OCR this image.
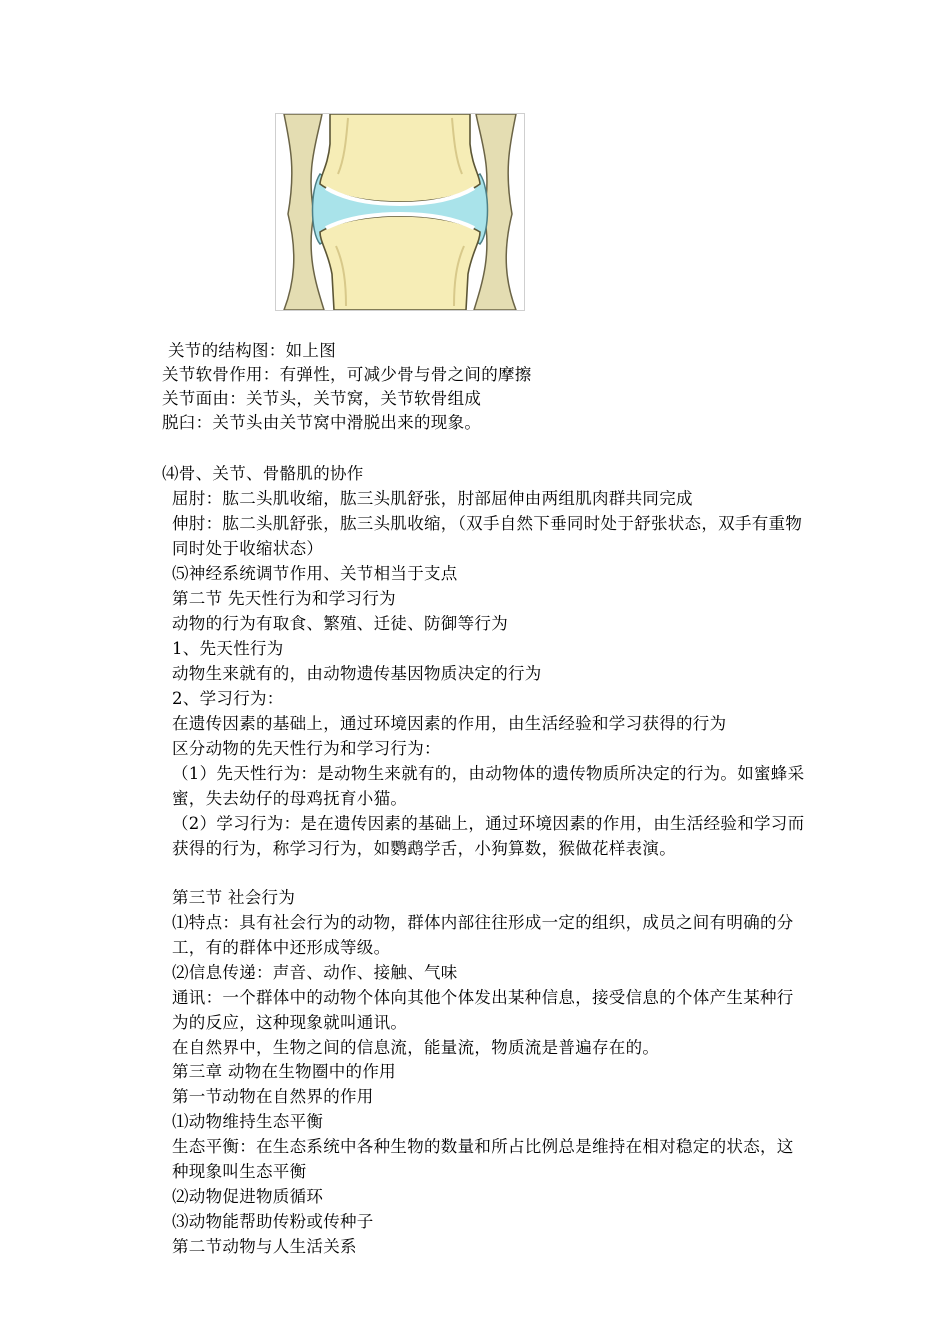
关节的结构图：如上图
关节软骨作用：有弹性，可减少骨与骨之间的摩擦
关节面由：关节头，关节窝，关节软骨组成
脱臼：关节头由关节窝中滑脱出来的现象。
⑷骨、关节、骨骼肌的协作
屈肘：肱二头肌收缩，肱三头肌舒张，肘部屈伸由两组肌肉群共同完成
伸肘：肱二头肌舒张，肱三头肌收缩，（双手自然下垂同时处于舒张状态，双手有重物
同时处于收缩状态）
⑸神经系统调节作用、关节相当于支点
第二节 先天性行为和学习行为
动物的行为有取食、繁殖、迁徒、防御等行为
1、先天性行为
动物生来就有的，由动物遗传基因物质决定的行为
2、学习行为：
在遗传因素的基础上，通过环境因素的作用，由生活经验和学习获得的行为
区分动物的先天性行为和学习行为：
（1）先天性行为：是动物生来就有的，由动物体的遗传物质所决定的行为。如蜜蜂采
蜜，失去幼仔的母鸡抚育小猫。
（2）学习行为：是在遗传因素的基础上，通过环境因素的作用，由生活经验和学习而
获得的行为，称学习行为，如鹦鹉学舌，小狗算数，猴做花样表演。
第三节 社会行为
⑴特点：具有社会行为的动物，群体内部往往形成一定的组织，成员之间有明确的分
工，有的群体中还形成等级。
⑵信息传递：声音、动作、接触、气味
通讯：一个群体中的动物个体向其他个体发出某种信息，接受信息的个体产生某种行
为的反应，这种现象就叫通讯。
在自然界中，生物之间的信息流，能量流，物质流是普遍存在的。
第三章 动物在生物圈中的作用
第一节动物在自然界的作用
⑴动物维持生态平衡
生态平衡：在生态系统中各种生物的数量和所占比例总是维持在相对稳定的状态，这
种现象叫生态平衡
⑵动物促进物质循环
⑶动物能帮助传粉或传种子
第二节动物与人生活关系
